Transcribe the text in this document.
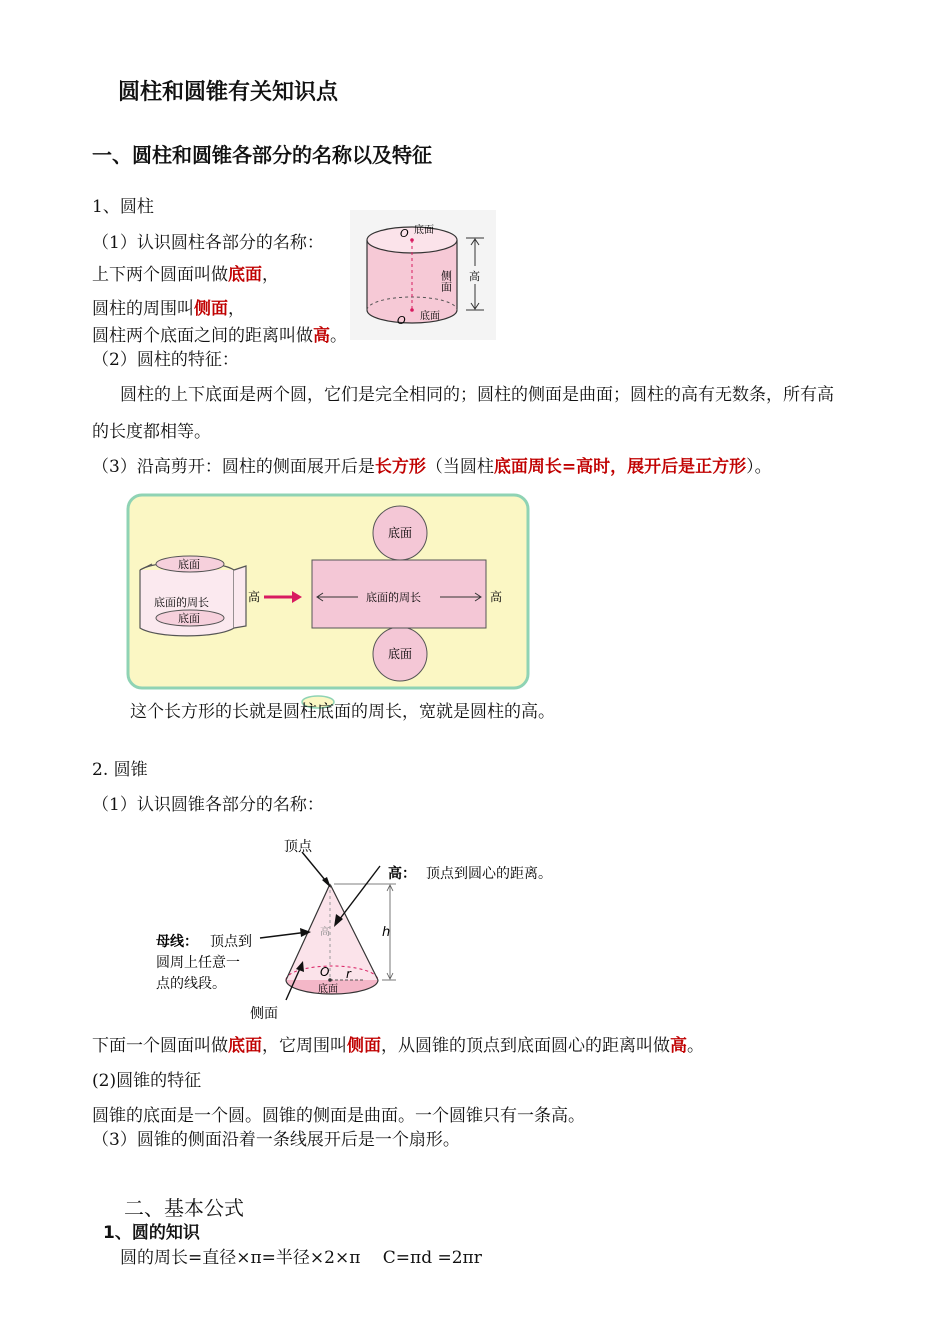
圆柱和圆锥有关知识点
一、圆柱和圆锥各部分的名称以及特征
1、圆柱
（1）认识圆柱各部分的名称：
上下两个圆面叫做底面，
圆柱的周围叫侧面，
圆柱两个底面之间的距离叫做高。
O 底面
O 底面
侧面 高
（2）圆柱的特征：
圆柱的上下底面是两个圆，它们是完全相同的；圆柱的侧面是曲面；圆柱的高有无数条，所有高
的长度都相等。
（3）沿高剪开：圆柱的侧面展开后是长方形（当圆柱底面周长=高时，展开后是正方形）。
底面
底面
底面的周长	高
底面
底面
底面的周长	高
这个长方形的长就是圆柱底面的周长，宽就是圆柱的高。
2. 圆锥
（1）认识圆锥各部分的名称：
O r
高
底面
h
顶点
高： 顶点到圆心的距离。
母线： 顶点到
圆周上任意一
点的线段。
侧面
下面一个圆面叫做底面，它周围叫侧面，从圆锥的顶点到底面圆心的距离叫做高。
(2)圆锥的特征
圆锥的底面是一个圆。圆锥的侧面是曲面。一个圆锥只有一条高。
（3）圆锥的侧面沿着一条线展开后是一个扇形。
二、基本公式
1、圆的知识
圆的周长=直径×π=半径×2×π　 C=πd =2πr
